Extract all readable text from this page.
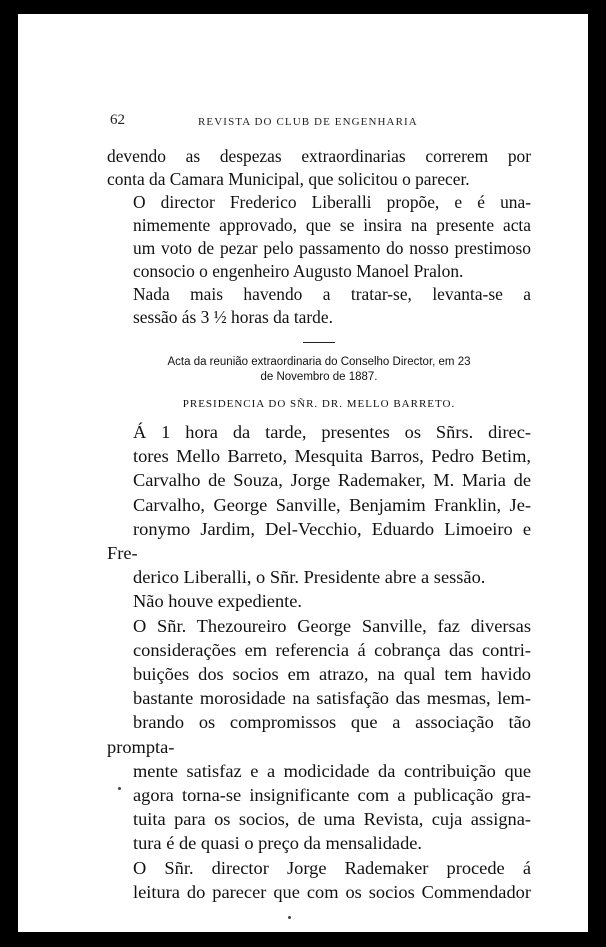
62	REVISTA DO CLUB DE ENGENHARIA

devendo as despezas extraordinarias correrem por
conta da Camara Municipal, que solicitou o parecer.

O director Frederico Liberalli propõe, e é una-
nimemente approvado, que se insira na presente acta
um voto de pezar pelo passamento do nosso prestimoso
consocio o engenheiro Augusto Manoel Pralon.

Nada mais havendo a tratar-se, levanta-se a
sessão ás 3 ½ horas da tarde.

Acta da reunião extraordinaria do Conselho Director, em 23
de Novembro de 1887.
PRESIDENCIA DO SÑR. DR. MELLO BARRETO.

Á 1 hora da tarde, presentes os Sñrs. direc-
tores Mello Barreto, Mesquita Barros, Pedro Betim,
Carvalho de Souza, Jorge Rademaker, M. Maria de
Carvalho, George Sanville, Benjamim Franklin, Je-
ronymo Jardim, Del-Vecchio, Eduardo Limoeiro e Fre-
derico Liberalli, o Sñr. Presidente abre a sessão.

Não houve expediente.

O Sñr. Thezoureiro George Sanville, faz diversas
considerações em referencia á cobrança das contri-
buições dos socios em atrazo, na qual tem havido
bastante morosidade na satisfação das mesmas, lem-
brando os compromissos que a associação tão prompta-
mente satisfaz e a modicidade da contribuição que
agora torna-se insignificante com a publicação gra-
tuita para os socios, de uma Revista, cuja assigna-
tura é de quasi o preço da mensalidade.

O Sñr. director Jorge Rademaker procede á
leitura do parecer que com os socios Commendador
